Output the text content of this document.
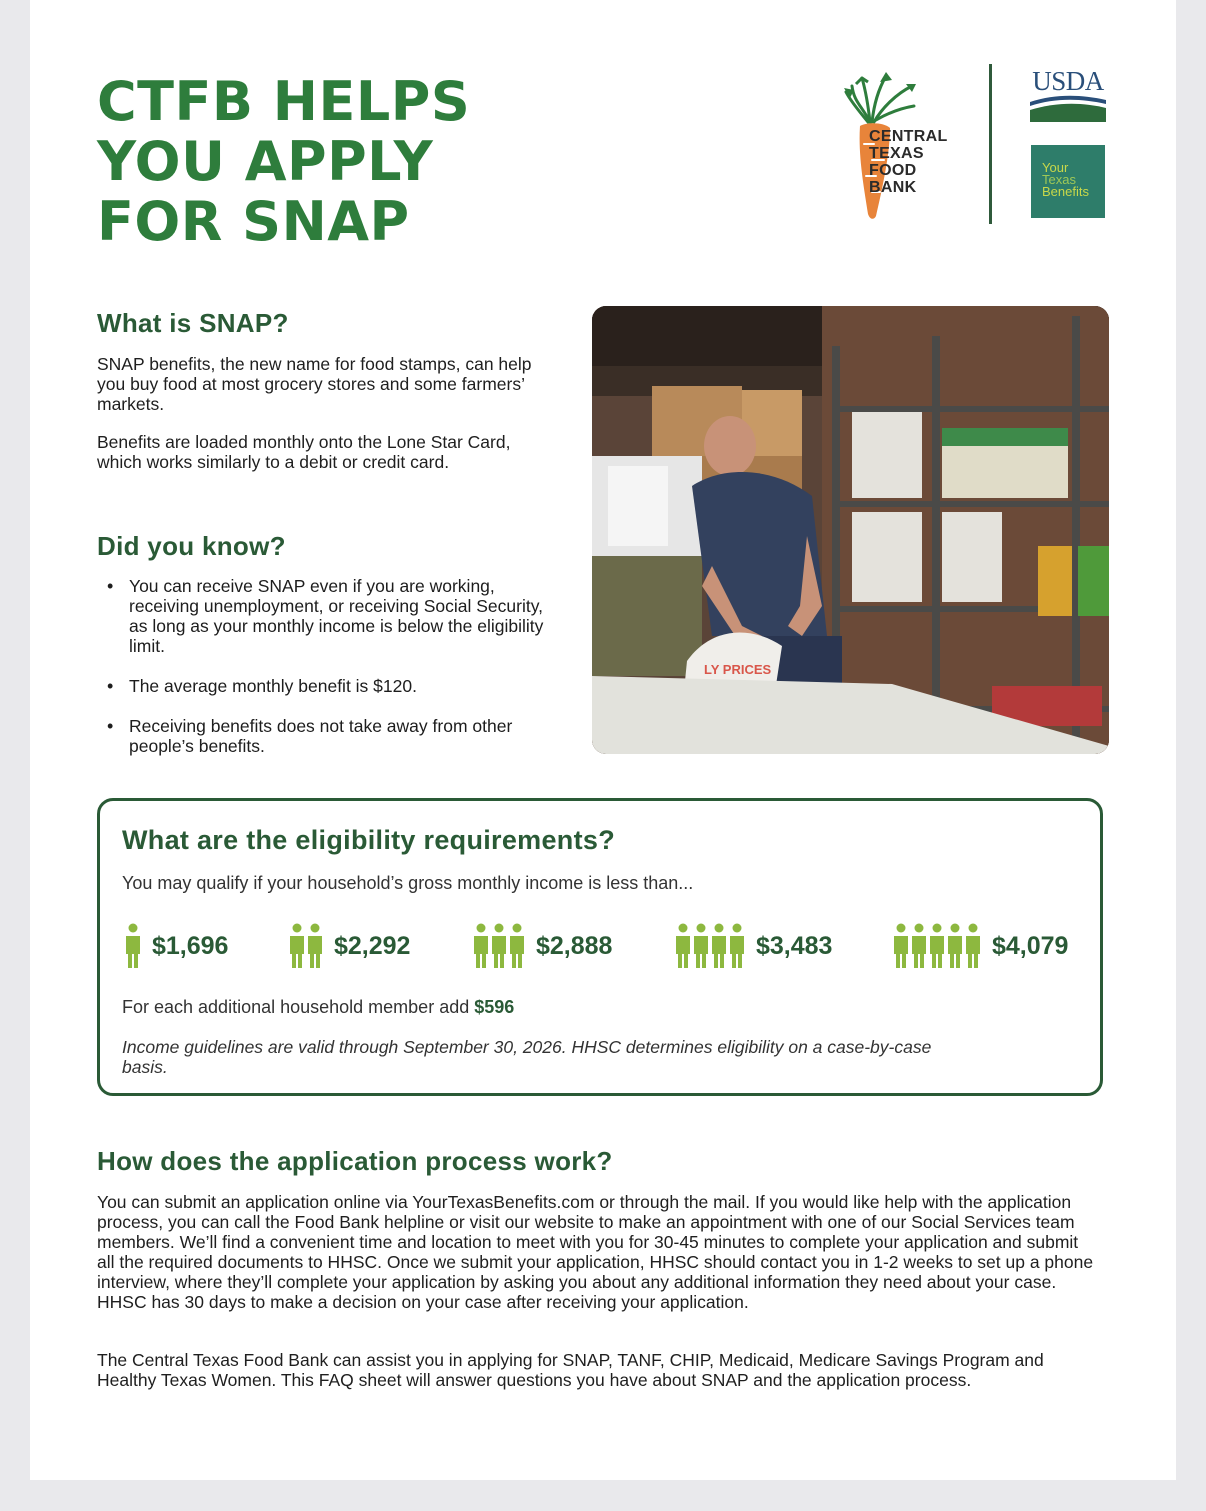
CTFB HELPS
YOU APPLY
FOR SNAP

CENTRAL
TEXAS
FOOD
BANK

USDA
Your
Texas
Benefits
What is SNAP?

SNAP benefits, the new name for food stamps, can help you buy food at most grocery stores and some farmers’ markets.

Benefits are loaded monthly onto the Lone Star Card, which works similarly to a debit or credit card.

Did you know?
• You can receive SNAP even if you are working, receiving unemployment, or receiving Social Security, as long as your monthly income is below the eligibility limit.
• The average monthly benefit is $120.
• Receiving benefits does not take away from other people’s benefits.
LY PRICES
What are the eligibility requirements?

You may qualify if your household’s gross monthly income is less than...

$1,696	$2,292	$2,888	$3,483	$4,079

For each additional household member add $596

Income guidelines are valid through September 30, 2026. HHSC determines eligibility on a case-by-case basis.

How does the application process work?

You can submit an application online via YourTexasBenefits.com or through the mail. If you would like help with the application process, you can call the Food Bank helpline or visit our website to make an appointment with one of our Social Services team members. We’ll find a convenient time and location to meet with you for 30-45 minutes to complete your application and submit all the required documents to HHSC. Once we submit your application, HHSC should contact you in 1-2 weeks to set up a phone interview, where they’ll complete your application by asking you about any additional information they need about your case. HHSC has 30 days to make a decision on your case after receiving your application.

The Central Texas Food Bank can assist you in applying for SNAP, TANF, CHIP, Medicaid, Medicare Savings Program and Healthy Texas Women. This FAQ sheet will answer questions you have about SNAP and the application process.
